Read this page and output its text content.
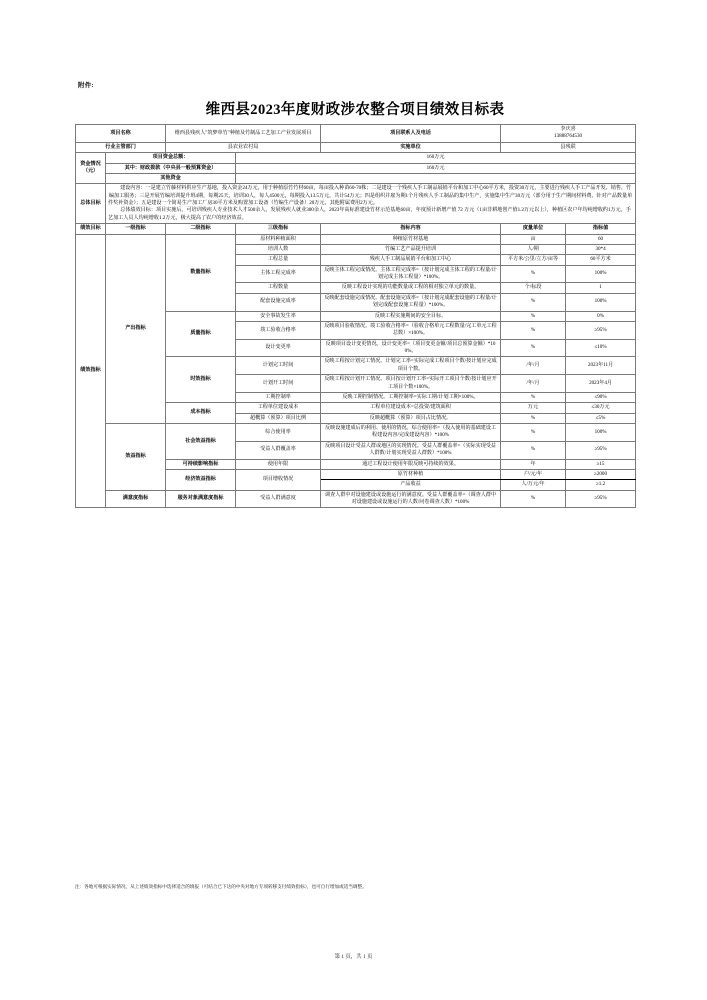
附件:
维西县2023年度财政涉农整合项目绩效目标表
项目名称		维西县残疾人"筑梦单竹"种植及竹制品工艺加工产业发展项目		项目联系人及电话	李庆喜
13888764530	

行业主管部门		县农业农村局		实施单位	县残联	
资金情况（元）	项目资金总额：		160万元			
	其中：财政拨款（中央县一般预算资金）		160万元			
	其他资金					
总体目标	建设内容：一是建立竹藤材料供应生产基地，投入资金24万元，用于种植原竹竹材60亩，每亩投入种苗60-70株；二是建设一个残疾人手工制品展销平台和加工中心60平方米，投资30万元，主要进行残疾人手工产品开发、销售，竹编加工服务；三是开展竹编培训提升班4期，每期25天，培训30人，每人4500元，每期投入13.5万元，共计54万元；四是组织并雇为期1个月残疾人手工制品的集中生产，实施集中生产30万元（部分用于生产期间材料费、针对产品数量单件奖补资金）；五是建设一个简易生产加工厂房30平方米及购置加工设备（竹编生产设备）20万元，其他附属费用2万元。

总体绩效目标：项目实施后，可培训残疾人专业技术人才500余人，发展残疾人就业300余人，2023年高标准建设竹材示范基地60亩，年度预计新增产值 72 万元（1亩非耕地创产值1.2万元以上），种植区农户年均纯增收约1万元，手艺加工人员人均纯增收1.2万元，极大提高了农户的经济效益。					

绩效目标	一级指标	二级指标	三级指标	指标内容	度量单位	指标值
绩效指标	产出指标	数量指标	原材料种植面积	种植原竹材基地	亩	60
			培训人数	竹编工艺产品提升培训	人/期	30*4
			工程总量	残疾人手工制品展销平台和加工中心	平方米/公里/立方/亩等	60平方米
			主体工程完成率	反映主体工程完成情况。主体工程完成率=（按计划完成主体工程的工程量/计划完成主体工程量）*100%。	%	100%
			工程数量	反映工程设计实现的功能数量或工程的相对独立单元的数量。	个/标段	1
			配套设施完成率	反映配套设施完成情况。配套设施完成率=（按计划完成配套设施的工程量/计划完成配套设施工程量）*100%。	%	100%
		质量指标	安全事故发生率	反映工程实施期间的安全目标。	%	0%
			竣工验收合格率	反映项目验收情况。竣工验收合格率=（验收合格单元工程数量/完工单元工程总数）×100%。	%	≥95%
			设计变更率	反映项目设计变更情况。设计变更率=（项目变更金额/项目总预算金额）*100%。	%	≤10%
		时效指标	计划完工时间	反映工程按计划完工情况。计划完工率=实际完成工程项目个数/按计划应完成项目个数。	/年/月	2023年11月
			计划开工时间	反映工程按计划开工情况。项目按计划开工率=实际开工项目个数/按计划应开工项目个数×100%。	/年/月	2023年4月
			工期控制率	反映工期控制情况。工期控制率=实际工期/计划工期×100%。	%	≤90%
		成本指标	工程单位建设成本	工程单位建设成本=总投资/建筑面积	万元	≤30万元
			超概算（预算）项目比例	反映超概算（预算）项目占比情况。	%	≤5%
	效益指标	社会效益指标	综合使用率	反映设施建成后的利用、使用的情况。综合使用率=（投入使用的基础建设工程建设内容/完成建设内容）*100%	%	100%
			受益人群覆盖率	反映项目设计受益人群或地区的实现情况。受益人群覆盖率=（实际实现受益人群数/计划实现受益人群数）*100%	%	≥95%
		可持续影响指标	使用年限	通过工程设计使用年限反映可持续的效果。	年	≥15
		经济效益指标	项目增收情况	原竹材种植	户/元/年	≥2000
				产品收益	人/万元/年	≥1.2
	满意度指标	服务对象满意度指标	受益人群满意度	调查人群中对设施建设或设施运行的满意度。受益人群覆盖率=（调查人群中对设施建设或设施运行的人数/问卷调查人数）*100%	%	≥95%
注：各地可根据实际情况，从上述绩效指标中选择适合的填报（可结合已下达的中央对地方专项转移支付绩效指标），也可自行增加或适当调整。
第 1 页，共 1 页
